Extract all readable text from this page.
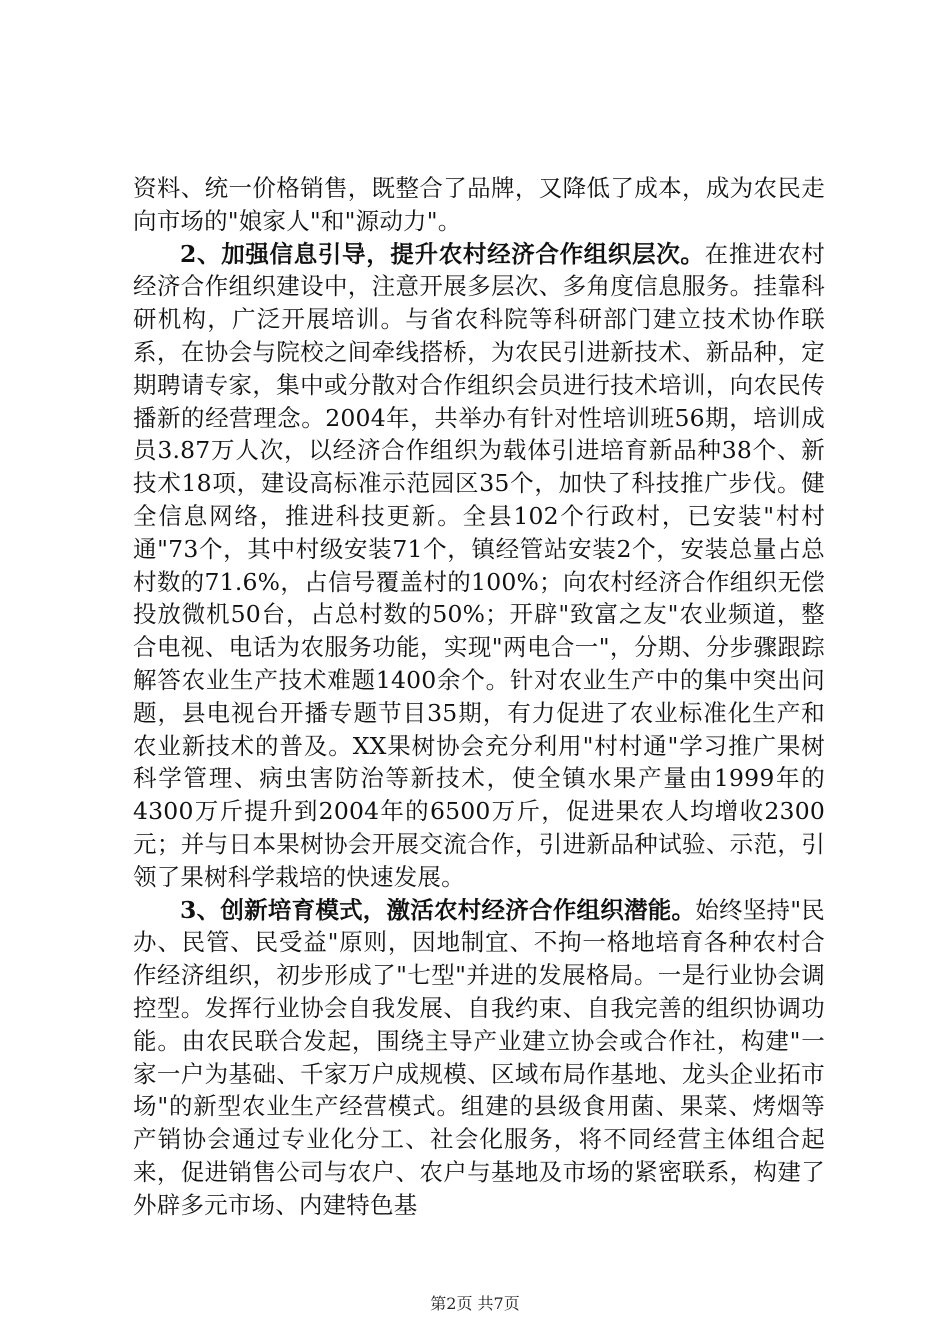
资料、统一价格销售，既整合了品牌，又降低了成本，成为农民走向市场的"娘家人"和"源动力"。

2、加强信息引导，提升农村经济合作组织层次。在推进农村经济合作组织建设中，注意开展多层次、多角度信息服务。挂靠科研机构，广泛开展培训。与省农科院等科研部门建立技术协作联系，在协会与院校之间牵线搭桥，为农民引进新技术、新品种，定期聘请专家，集中或分散对合作组织会员进行技术培训，向农民传播新的经营理念。2004年，共举办有针对性培训班56期，培训成员3.87万人次，以经济合作组织为载体引进培育新品种38个、新技术18项，建设高标准示范园区35个，加快了科技推广步伐。健全信息网络，推进科技更新。全县102个行政村，已安装"村村通"73个，其中村级安装71个，镇经管站安装2个，安装总量占总村数的71.6%，占信号覆盖村的100%；向农村经济合作组织无偿投放微机50台，占总村数的50%；开辟"致富之友"农业频道，整合电视、电话为农服务功能，实现"两电合一"，分期、分步骤跟踪解答农业生产技术难题1400余个。针对农业生产中的集中突出问题，县电视台开播专题节目35期，有力促进了农业标准化生产和农业新技术的普及。XX果树协会充分利用"村村通"学习推广果树科学管理、病虫害防治等新技术，使全镇水果产量由1999年的4300万斤提升到2004年的6500万斤，促进果农人均增收2300元；并与日本果树协会开展交流合作，引进新品种试验、示范，引领了果树科学栽培的快速发展。

3、创新培育模式，激活农村经济合作组织潜能。始终坚持"民办、民管、民受益"原则，因地制宜、不拘一格地培育各种农村合作经济组织，初步形成了"七型"并进的发展格局。一是行业协会调控型。发挥行业协会自我发展、自我约束、自我完善的组织协调功能。由农民联合发起，围绕主导产业建立协会或合作社，构建"一家一户为基础、千家万户成规模、区域布局作基地、龙头企业拓市场"的新型农业生产经营模式。组建的县级食用菌、果菜、烤烟等产销协会通过专业化分工、社会化服务，将不同经营主体组合起来，促进销售公司与农户、农户与基地及市场的紧密联系，构建了外辟多元市场、内建特色基

第2页 共7页
